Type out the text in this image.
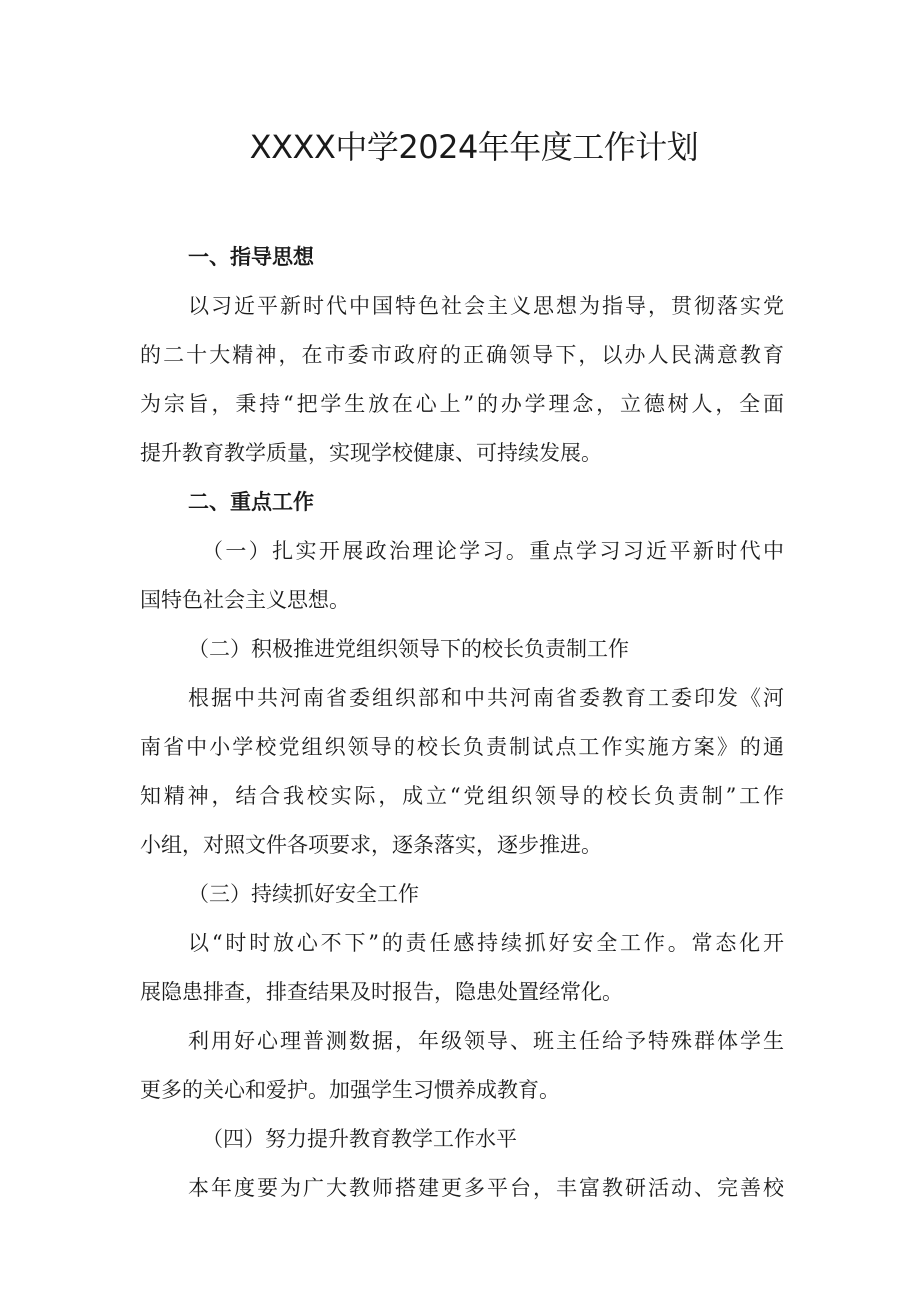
XXXX中学2024年年度工作计划

一、指导思想

以习近平新时代中国特色社会主义思想为指导，贯彻落实党

的二十大精神，在市委市政府的正确领导下，以办人民满意教育

为宗旨，秉持“把学生放在心上”的办学理念，立德树人，全面

提升教育教学质量，实现学校健康、可持续发展。

二、重点工作

（一）扎实开展政治理论学习。重点学习习近平新时代中

国特色社会主义思想。

（二）积极推进党组织领导下的校长负责制工作

根据中共河南省委组织部和中共河南省委教育工委印发《河

南省中小学校党组织领导的校长负责制试点工作实施方案》的通

知精神，结合我校实际，成立“党组织领导的校长负责制”工作

小组，对照文件各项要求，逐条落实，逐步推进。

（三）持续抓好安全工作

以“时时放心不下”的责任感持续抓好安全工作。常态化开

展隐患排查，排查结果及时报告，隐患处置经常化。

利用好心理普测数据，年级领导、班主任给予特殊群体学生

更多的关心和爱护。加强学生习惯养成教育。

（四）努力提升教育教学工作水平

本年度要为广大教师搭建更多平台，丰富教研活动、完善校
